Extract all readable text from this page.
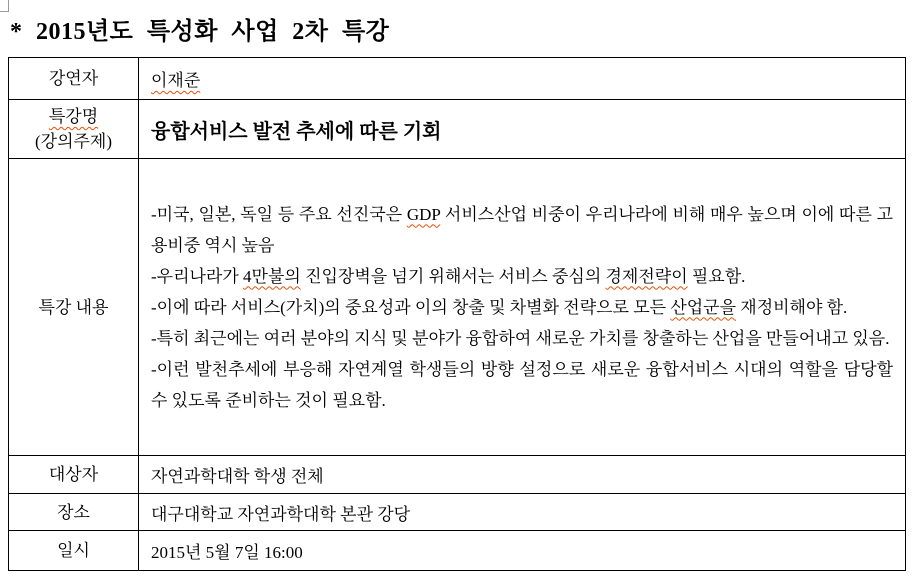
* 2015년도 특성화 사업 2차 특강
강연자	이재준

특강명
(강의주제)	융합서비스 발전 추세에 따른 기회
특강 내용	-미국, 일본, 독일 등 주요 선진국은 GDP 서비스산업 비중이 우리나라에 비해 매우 높으며 이에 따른 고용비중 역시 높음
-우리나라가 4만불의 진입장벽을 넘기 위해서는 서비스 중심의 경제전략이 필요함.
-이에 따라 서비스(가치)의 중요성과 이의 창출 및 차별화 전략으로 모든 산업군을 재정비해야 함.
-특히 최근에는 여러 분야의 지식 및 분야가 융합하여 새로운 가치를 창출하는 산업을 만들어내고 있음.
-이런 발천추세에 부응해 자연계열 학생들의 방향 설정으로 새로운 융합서비스 시대의 역할을 담당할 수 있도록 준비하는 것이 필요함.

대상자	자연과학대학 학생 전체
장소	대구대학교 자연과학대학 본관 강당
일시	2015년 5월 7일 16:00
